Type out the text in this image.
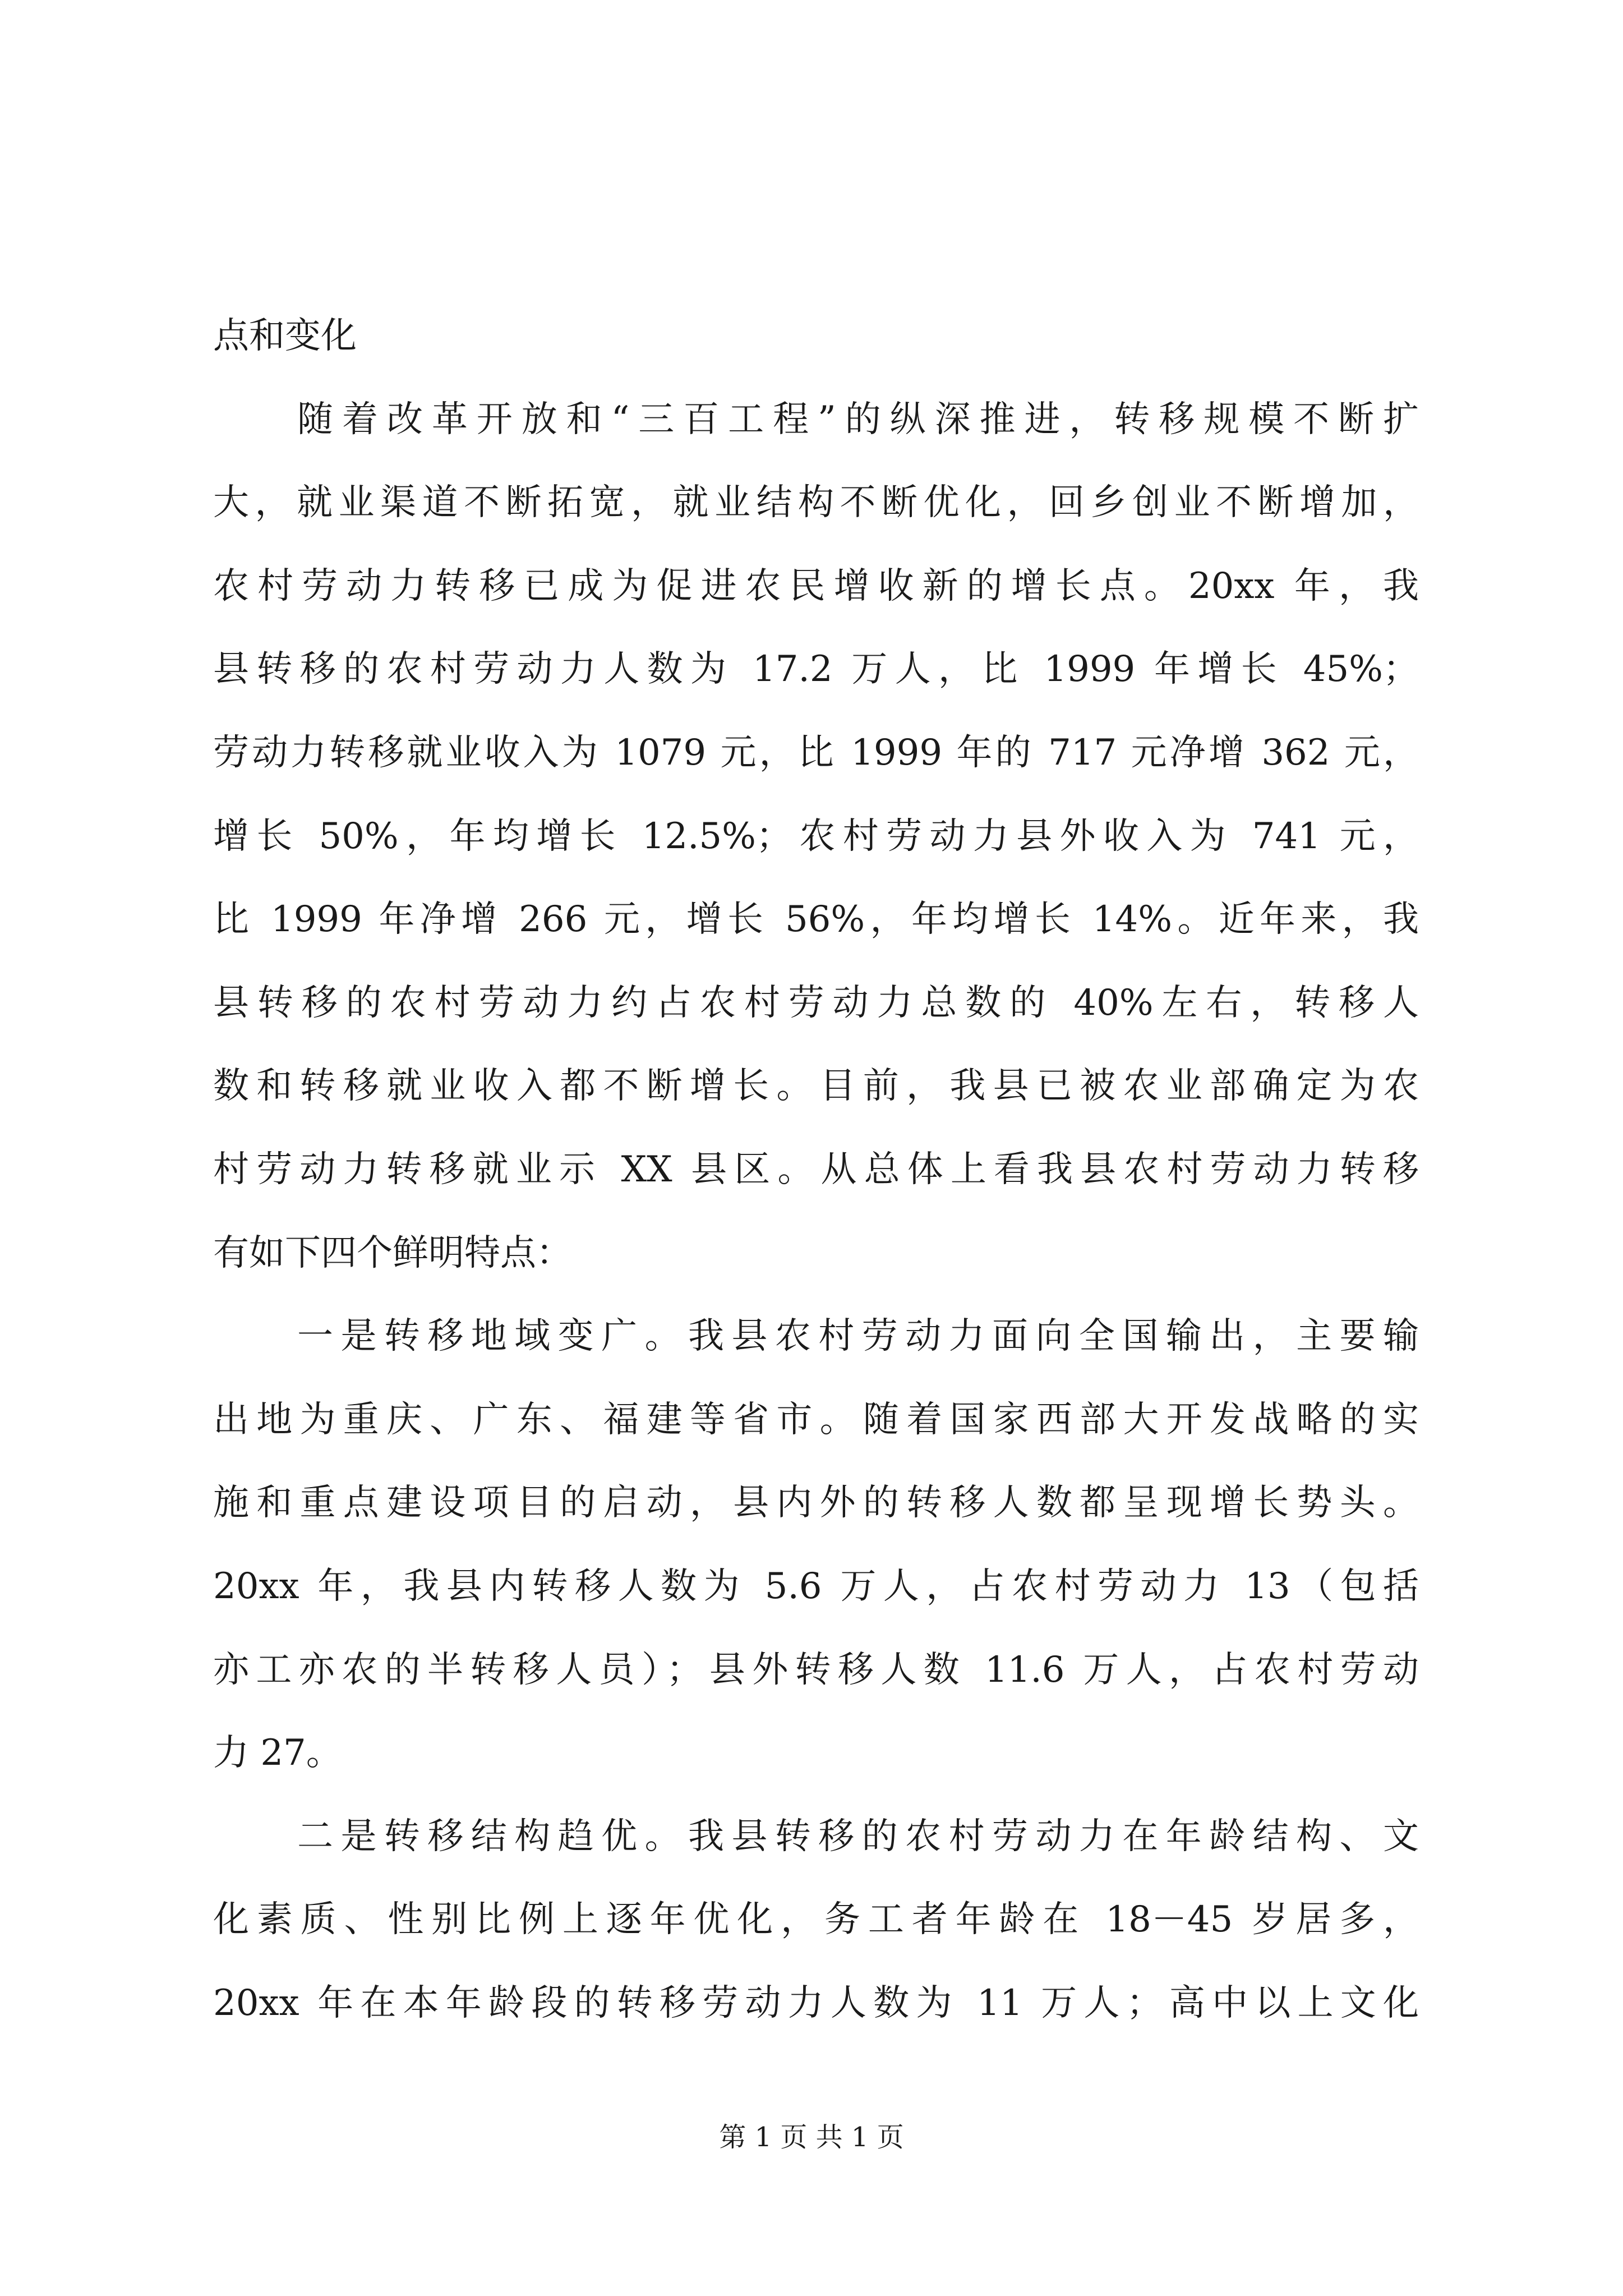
点和变化
随着改革开放和“三百工程”的纵深推进，转移规模不断扩
大，就业渠道不断拓宽，就业结构不断优化，回乡创业不断增加，
农村劳动力转移已成为促进农民增收新的增长点。20xx 年，我
县转移的农村劳动力人数为 17.2 万人，比 1999 年增长 45%；
劳动力转移就业收入为 1079 元，比 1999 年的 717 元净增 362 元，
增长 50%，年均增长 12.5%；农村劳动力县外收入为 741 元，
比 1999 年净增 266 元，增长 56%，年均增长 14%。近年来，我
县转移的农村劳动力约占农村劳动力总数的 40%左右，转移人
数和转移就业收入都不断增长。目前，我县已被农业部确定为农
村劳动力转移就业示 XX 县区。从总体上看我县农村劳动力转移
有如下四个鲜明特点：
一是转移地域变广。我县农村劳动力面向全国输出，主要输
出地为重庆、广东、福建等省市。随着国家西部大开发战略的实
施和重点建设项目的启动，县内外的转移人数都呈现增长势头。
20xx 年，我县内转移人数为 5.6 万人，占农村劳动力 13（包括
亦工亦农的半转移人员）；县外转移人数 11.6 万人，占农村劳动
力 27。
二是转移结构趋优。我县转移的农村劳动力在年龄结构、文
化素质、性别比例上逐年优化，务工者年龄在 18－45 岁居多，
20xx 年在本年龄段的转移劳动力人数为 11 万人；高中以上文化
第 1 页 共 1 页
